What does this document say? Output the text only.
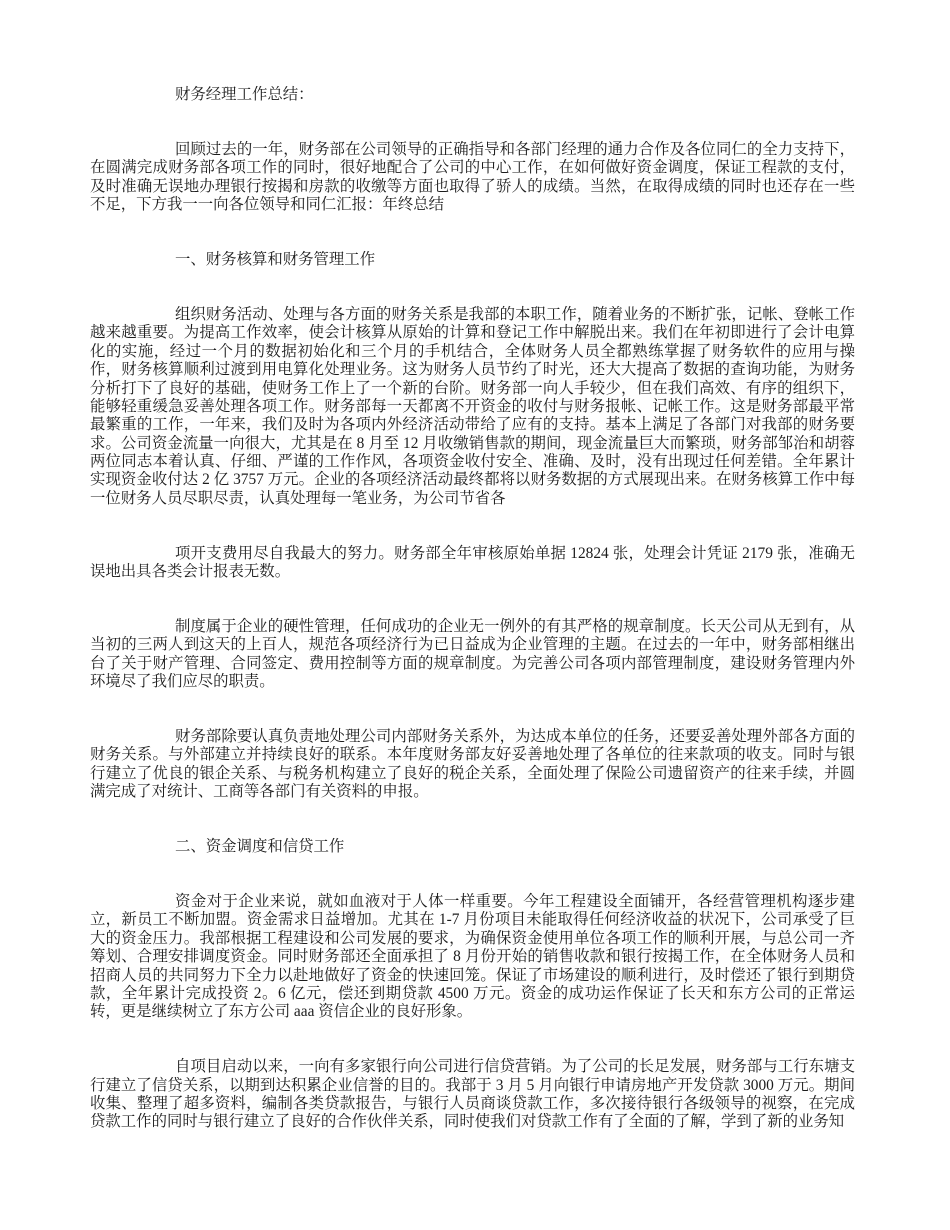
财务经理工作总结：

回顾过去的一年，财务部在公司领导的正确指导和各部门经理的通力合作及各位同仁的全力支持下，在圆满完成财务部各项工作的同时，很好地配合了公司的中心工作，在如何做好资金调度，保证工程款的支付，及时准确无误地办理银行按揭和房款的收缴等方面也取得了骄人的成绩。当然，在取得成绩的同时也还存在一些不足，下方我一一向各位领导和同仁汇报：年终总结

一、财务核算和财务管理工作

组织财务活动、处理与各方面的财务关系是我部的本职工作，随着业务的不断扩张，记帐、登帐工作越来越重要。为提高工作效率，使会计核算从原始的计算和登记工作中解脱出来。我们在年初即进行了会计电算化的实施，经过一个月的数据初始化和三个月的手机结合，全体财务人员全都熟练掌握了财务软件的应用与操作，财务核算顺利过渡到用电算化处理业务。这为财务人员节约了时光，还大大提高了数据的查询功能，为财务分析打下了良好的基础，使财务工作上了一个新的台阶。财务部一向人手较少，但在我们高效、有序的组织下，能够轻重缓急妥善处理各项工作。财务部每一天都离不开资金的收付与财务报帐、记帐工作。这是财务部最平常最繁重的工作，一年来，我们及时为各项内外经济活动带给了应有的支持。基本上满足了各部门对我部的财务要求。公司资金流量一向很大，尤其是在 8 月至 12 月收缴销售款的期间，现金流量巨大而繁琐，财务部邹治和胡蓉两位同志本着认真、仔细、严谨的工作作风，各项资金收付安全、准确、及时，没有出现过任何差错。全年累计实现资金收付达 2 亿 3757 万元。企业的各项经济活动最终都将以财务数据的方式展现出来。在财务核算工作中每一位财务人员尽职尽责，认真处理每一笔业务，为公司节省各

项开支费用尽自我最大的努力。财务部全年审核原始单据 12824 张，处理会计凭证 2179 张，准确无误地出具各类会计报表无数。

制度属于企业的硬性管理，任何成功的企业无一例外的有其严格的规章制度。长天公司从无到有，从当初的三两人到这天的上百人，规范各项经济行为已日益成为企业管理的主题。在过去的一年中，财务部相继出台了关于财产管理、合同签定、费用控制等方面的规章制度。为完善公司各项内部管理制度，建设财务管理内外环境尽了我们应尽的职责。

财务部除要认真负责地处理公司内部财务关系外，为达成本单位的任务，还要妥善处理外部各方面的财务关系。与外部建立并持续良好的联系。本年度财务部友好妥善地处理了各单位的往来款项的收支。同时与银行建立了优良的银企关系、与税务机构建立了良好的税企关系，全面处理了保险公司遗留资产的往来手续，并圆满完成了对统计、工商等各部门有关资料的申报。

二、资金调度和信贷工作

资金对于企业来说，就如血液对于人体一样重要。今年工程建设全面铺开，各经营管理机构逐步建立，新员工不断加盟。资金需求日益增加。尤其在 1-7 月份项目未能取得任何经济收益的状况下，公司承受了巨大的资金压力。我部根据工程建设和公司发展的要求，为确保资金使用单位各项工作的顺利开展，与总公司一齐筹划、合理安排调度资金。同时财务部还全面承担了 8 月份开始的销售收款和银行按揭工作，在全体财务人员和招商人员的共同努力下全力以赴地做好了资金的快速回笼。保证了市场建设的顺利进行，及时偿还了银行到期贷款，全年累计完成投资 2。6 亿元，偿还到期贷款 4500 万元。资金的成功运作保证了长天和东方公司的正常运转，更是继续树立了东方公司 aaa 资信企业的良好形象。

自项目启动以来，一向有多家银行向公司进行信贷营销。为了公司的长足发展，财务部与工行东塘支行建立了信贷关系，以期到达积累企业信誉的目的。我部于 3 月 5 月向银行申请房地产开发贷款 3000 万元。期间收集、整理了超多资料，编制各类贷款报告，与银行人员商谈贷款工作，多次接待银行各级领导的视察，在完成贷款工作的同时与银行建立了良好的合作伙伴关系，同时使我们对贷款工作有了全面的了解，学到了新的业务知
